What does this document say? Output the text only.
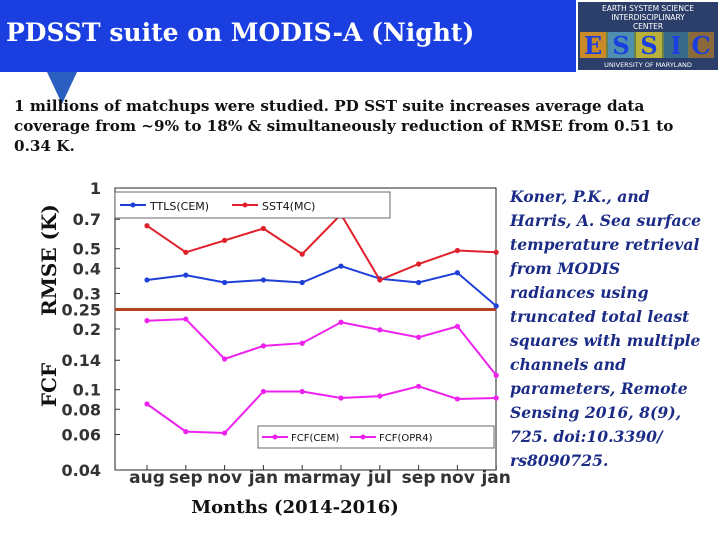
PDSST suite on MODIS-A (Night)
EARTH SYSTEM SCIENCE
INTERDISCIPLINARY
CENTER
E S S I C
UNIVERSITY OF MARYLAND
1 millions of matchups were studied. PD SST suite increases average data coverage from ~9% to 18% & simultaneously reduction of RMSE from 0.51 to 0.34 K.
1
0.7
0.5
0.4
0.3
0.25
0.2
0.14
0.1
0.08
0.06
0.04 aug sep nov jan mar may jul sep nov jan
TTLS(CEM)	SST4(MC)
FCF(CEM)	FCF(OPR4)
RMSE (K)
FCF
Months (2014-2016)
Koner, P.K., and Harris, A. Sea surface temperature retrieval from MODIS radiances using truncated total least squares with multiple channels and parameters, Remote Sensing 2016, 8(9), 725. doi:10.3390/ rs8090725.
